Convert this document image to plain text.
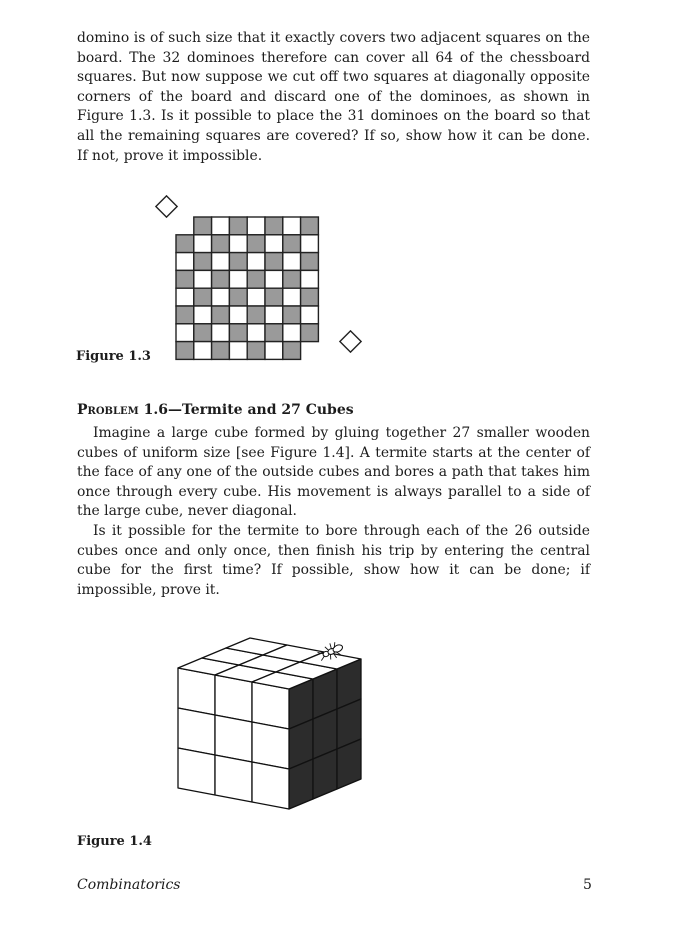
domino is of such size that it exactly covers two adjacent squares on the board. The 32 dominoes therefore can cover all 64 of the chessboard squares. But now suppose we cut off two squares at diagonally opposite corners of the board and discard one of the dominoes, as shown in Figure 1.3. Is it possible to place the 31 dominoes on the board so that all the remaining squares are covered? If so, show how it can be done. If not, prove it impossible.

Figure 1.3

Problem 1.6—Termite and 27 Cubes

Imagine a large cube formed by gluing together 27 smaller wooden cubes of uniform size [see Figure 1.4]. A termite starts at the center of the face of any one of the outside cubes and bores a path that takes him once through every cube. His movement is always parallel to a side of the large cube, never diagonal.

Is it possible for the termite to bore through each of the 26 outside cubes once and only once, then finish his trip by entering the central cube for the first time? If possible, show how it can be done; if impossible, prove it.

Figure 1.4

Combinatorics	5
